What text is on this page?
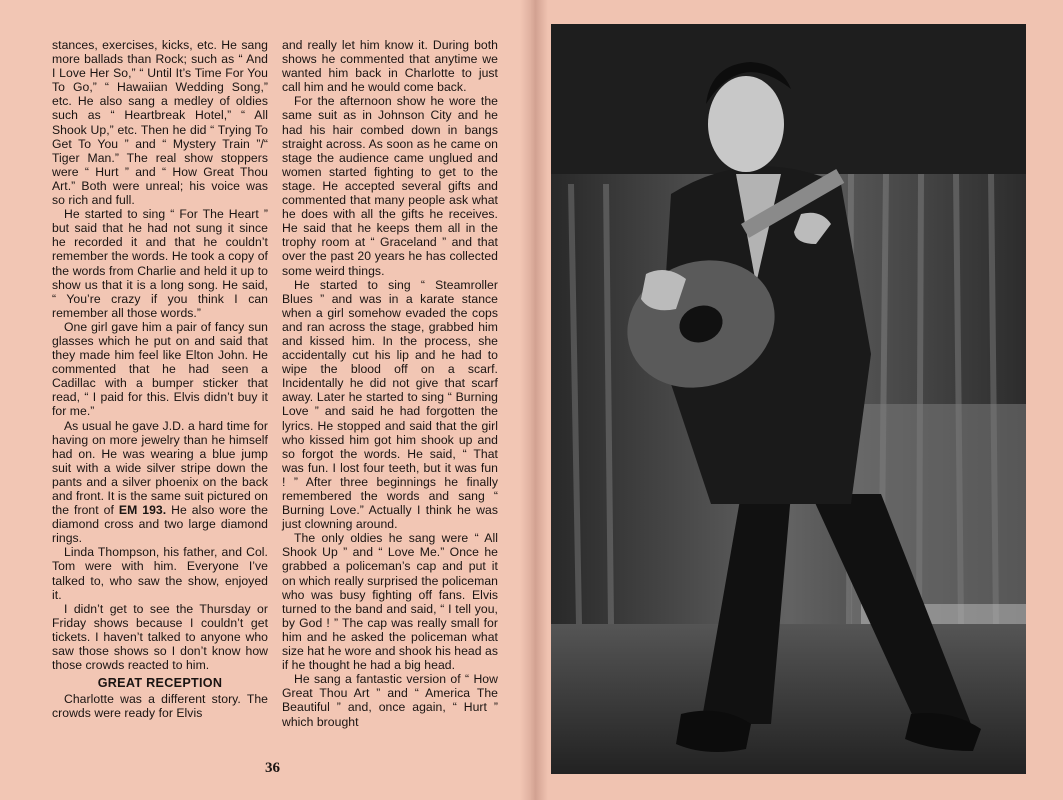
stances, exercises, kicks, etc. He sang more ballads than Rock; such as “ And I Love Her So,” “ Until It’s Time For You To Go,” “ Hawaiian Wedding Song,” etc. He also sang a medley of oldies such as “ Heartbreak Hotel,” “ All Shook Up,” etc. Then he did “ Trying To Get To You ” and “ Mystery Train ”/“ Tiger Man.” The real show stoppers were “ Hurt ” and “ How Great Thou Art.” Both were unreal; his voice was so rich and full.

He started to sing “ For The Heart ” but said that he had not sung it since he recorded it and that he couldn’t remember the words. He took a copy of the words from Charlie and held it up to show us that it is a long song. He said, “ You’re crazy if you think I can remember all those words.”

One girl gave him a pair of fancy sun glasses which he put on and said that they made him feel like Elton John. He commented that he had seen a Cadillac with a bumper sticker that read, “ I paid for this. Elvis didn’t buy it for me.”

As usual he gave J.D. a hard time for having on more jewelry than he himself had on. He was wearing a blue jump suit with a wide silver stripe down the pants and a silver phoenix on the back and front. It is the same suit pictured on the front of EM 193. He also wore the diamond cross and two large diamond rings.

Linda Thompson, his father, and Col. Tom were with him. Everyone I’ve talked to, who saw the show, enjoyed it.

I didn’t get to see the Thursday or Friday shows because I couldn’t get tickets. I haven’t talked to anyone who saw those shows so I don’t know how those crowds reacted to him.

GREAT RECEPTION

Charlotte was a different story. The crowds were ready for Elvis

and really let him know it. During both shows he commented that anytime we wanted him back in Charlotte to just call him and he would come back.

For the afternoon show he wore the same suit as in Johnson City and he had his hair combed down in bangs straight across. As soon as he came on stage the audience came unglued and women started fighting to get to the stage. He accepted several gifts and commented that many people ask what he does with all the gifts he receives. He said that he keeps them all in the trophy room at “ Graceland ” and that over the past 20 years he has collected some weird things.

He started to sing “ Steamroller Blues ” and was in a karate stance when a girl somehow evaded the cops and ran across the stage, grabbed him and kissed him. In the process, she accidentally cut his lip and he had to wipe the blood off on a scarf. Incidentally he did not give that scarf away. Later he started to sing “ Burning Love ” and said he had forgotten the lyrics. He stopped and said that the girl who kissed him got him shook up and so forgot the words. He said, “ That was fun. I lost four teeth, but it was fun ! ” After three beginnings he finally remembered the words and sang “ Burning Love.” Actually I think he was just clowning around.

The only oldies he sang were “ All Shook Up ” and “ Love Me.” Once he grabbed a policeman’s cap and put it on which really surprised the policeman who was busy fighting off fans. Elvis turned to the band and said, “ I tell you, by God ! ” The cap was really small for him and he asked the policeman what size hat he wore and shook his head as if he thought he had a big head.

He sang a fantastic version of “ How Great Thou Art ” and “ America The Beautiful ” and, once again, “ Hurt ” which brought

36
